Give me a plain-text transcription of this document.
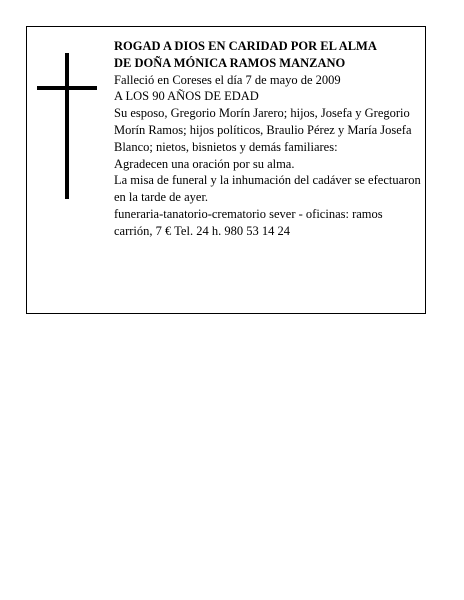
ROGAD A DIOS EN CARIDAD POR EL ALMA

DE DOÑA MÓNICA RAMOS MANZANO

Falleció en Coreses el día 7 de mayo de 2009

A LOS 90 AÑOS DE EDAD

Su esposo, Gregorio Morín Jarero; hijos, Josefa y Gregorio Morín Ramos; hijos políticos, Braulio Pérez y María Josefa Blanco; nietos, bisnietos y demás familiares:

Agradecen una oración por su alma.

La misa de funeral y la inhumación del cadáver se efectuaron en la tarde de ayer.

funeraria-tanatorio-crematorio sever - oficinas: ramos carrión, 7 € Tel. 24 h. 980 53 14 24
